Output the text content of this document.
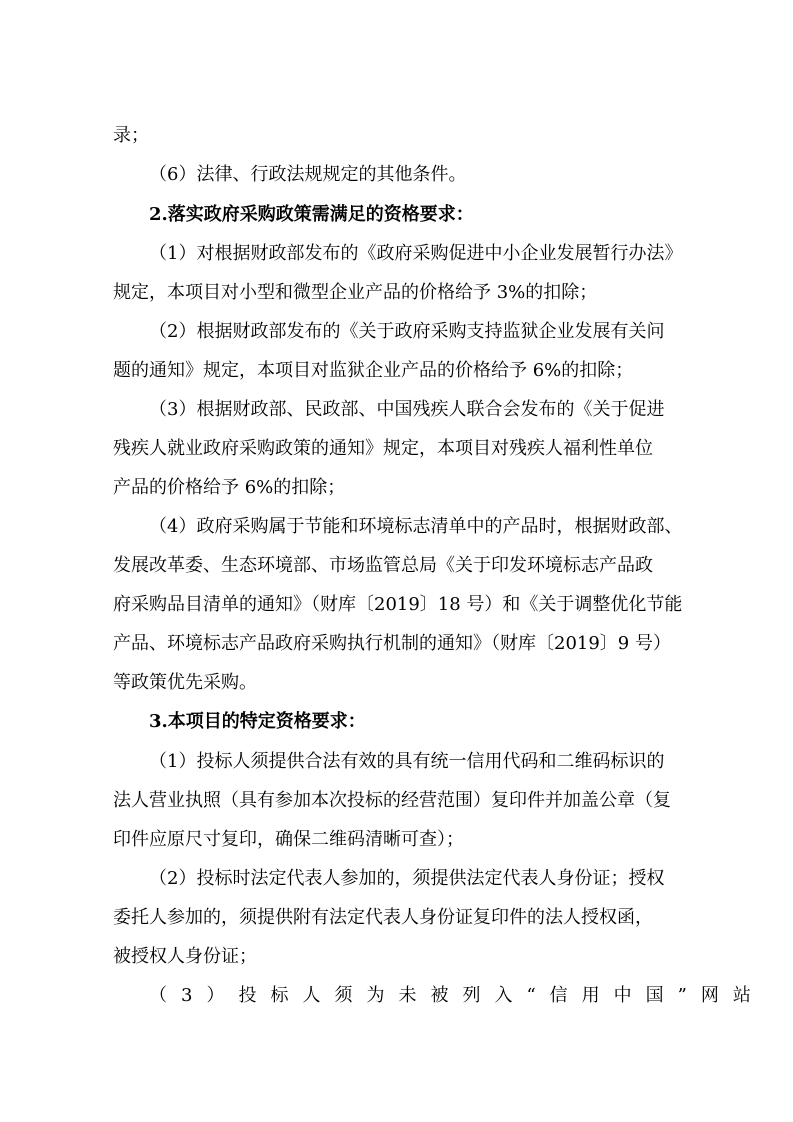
录；
（6）法律、行政法规规定的其他条件。
2.落实政府采购政策需满足的资格要求：
（1）对根据财政部发布的《政府采购促进中小企业发展暂行办法》
规定，本项目对小型和微型企业产品的价格给予 3%的扣除；
（2）根据财政部发布的《关于政府采购支持监狱企业发展有关问
题的通知》规定，本项目对监狱企业产品的价格给予 6%的扣除；
（3）根据财政部、民政部、中国残疾人联合会发布的《关于促进
残疾人就业政府采购政策的通知》规定，本项目对残疾人福利性单位
产品的价格给予 6%的扣除；
（4）政府采购属于节能和环境标志清单中的产品时，根据财政部、
发展改革委、生态环境部、市场监管总局《关于印发环境标志产品政
府采购品目清单的通知》（财库〔2019〕18 号）和《关于调整优化节能
产品、环境标志产品政府采购执行机制的通知》（财库〔2019〕9 号）
等政策优先采购。
3.本项目的特定资格要求：
（1）投标人须提供合法有效的具有统一信用代码和二维码标识的
法人营业执照（具有参加本次投标的经营范围）复印件并加盖公章（复
印件应原尺寸复印，确保二维码清晰可查）；
（2）投标时法定代表人参加的，须提供法定代表人身份证；授权
委托人参加的，须提供附有法定代表人身份证复印件的法人授权函，
被授权人身份证；
（3）投标人须为未被列入“信用中国”网站
